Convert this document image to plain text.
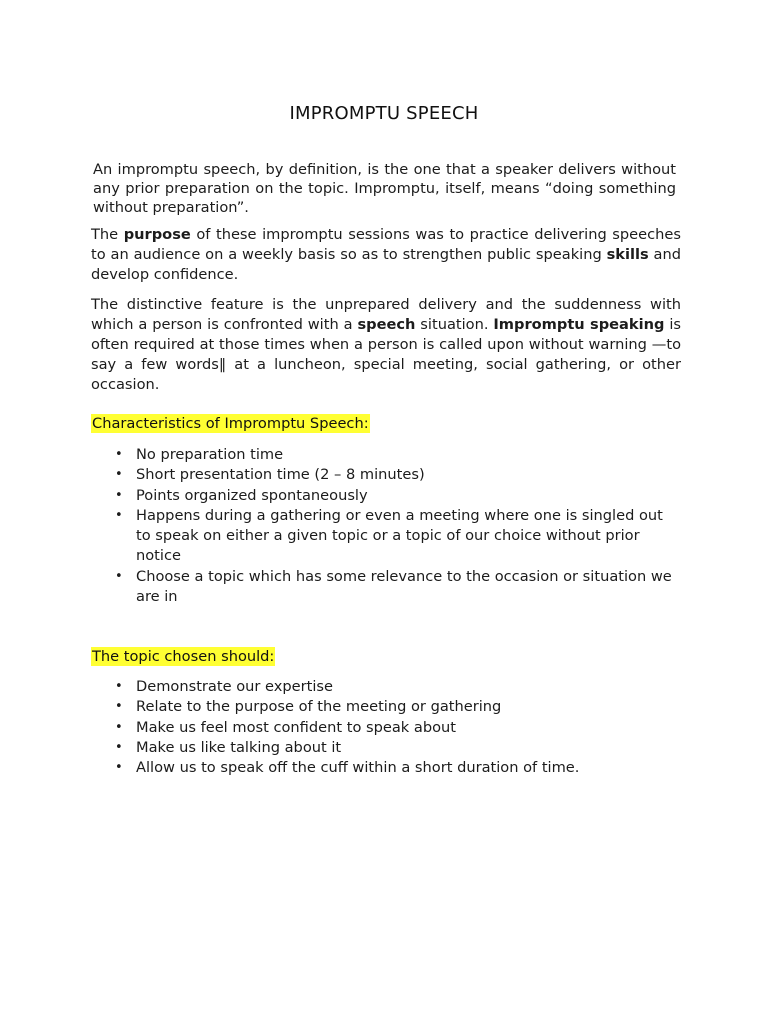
IMPROMPTU SPEECH

An impromptu speech, by definition, is the one that a speaker delivers without any prior preparation on the topic. Impromptu, itself, means “doing something without preparation”.

The purpose of these impromptu sessions was to practice delivering speeches to an audience on a weekly basis so as to strengthen public speaking skills and develop confidence.

The distinctive feature is the unprepared delivery and the suddenness with which a person is confronted with a speech situation. Impromptu speaking is often required at those times when a person is called upon without warning —to say a few words‖ at a luncheon, special meeting, social gathering, or other occasion.

Characteristics of Impromptu Speech:
• No preparation time
• Short presentation time (2 – 8 minutes)
• Points organized spontaneously
• Happens during a gathering or even a meeting where one is singled out to speak on either a given topic or a topic of our choice without prior notice
• Choose a topic which has some relevance to the occasion or situation we are in
The topic chosen should:
• Demonstrate our expertise
• Relate to the purpose of the meeting or gathering
• Make us feel most confident to speak about
• Make us like talking about it
• Allow us to speak off the cuff within a short duration of time.
